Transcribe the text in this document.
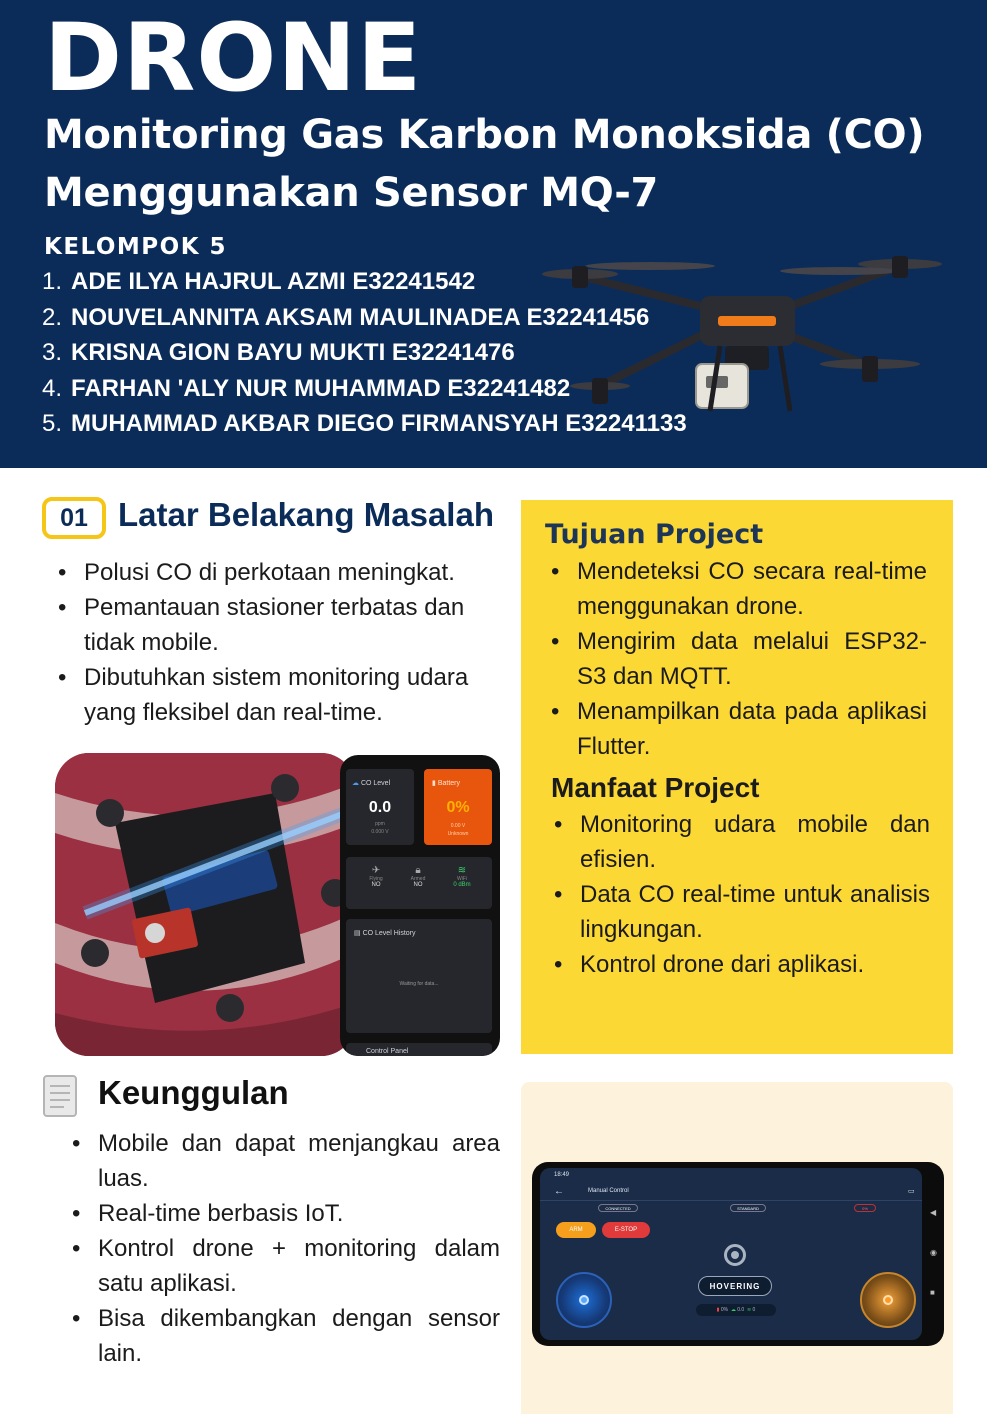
DRONE
Monitoring Gas Karbon Monoksida (CO)
Menggunakan Sensor MQ-7
KELOMPOK 5
1. ADE ILYA HAJRUL AZMI E32241542
2. NOUVELANNITA AKSAM MAULINADEA E32241456
3. KRISNA GION BAYU MUKTI E32241476
4. FARHAN 'ALY NUR MUHAMMAD E32241482
5. MUHAMMAD AKBAR DIEGO FIRMANSYAH E32241133
01 Latar Belakang Masalah
• Polusi CO di perkotaan meningkat.
• Pemantauan stasioner terbatas dan tidak mobile.
• Dibutuhkan sistem monitoring udara yang fleksibel dan real-time.
☁ CO Level
0.0
ppm
0.000 V
▮ Battery
0%
0.00 V
Unknown
✈
Flying
NO
🔒︎
Armed
NO
≋
WiFi
0 dBm
▤ CO Level History
Waiting for data...
Control Panel
Tujuan Project
• Mendeteksi CO secara real-time menggunakan drone.
• Mengirim data melalui ESP32-S3 dan MQTT.
• Menampilkan data pada aplikasi Flutter.
Manfaat Project
• Monitoring udara mobile dan efisien.
• Data CO real-time untuk analisis lingkungan.
• Kontrol drone dari aplikasi.
Keunggulan
• Mobile dan dapat menjangkau area luas.
• Real-time berbasis IoT.
• Kontrol drone + monitoring dalam satu aplikasi.
• Bisa dikembangkan dengan sensor lain.
18:49
←	Manual Control	▭
CONNECTED	STANDARD	0%
ARM	E-STOP
HOVERING
▮ 0% ☁ 0.0 ≋ 0
◀
◉
■
